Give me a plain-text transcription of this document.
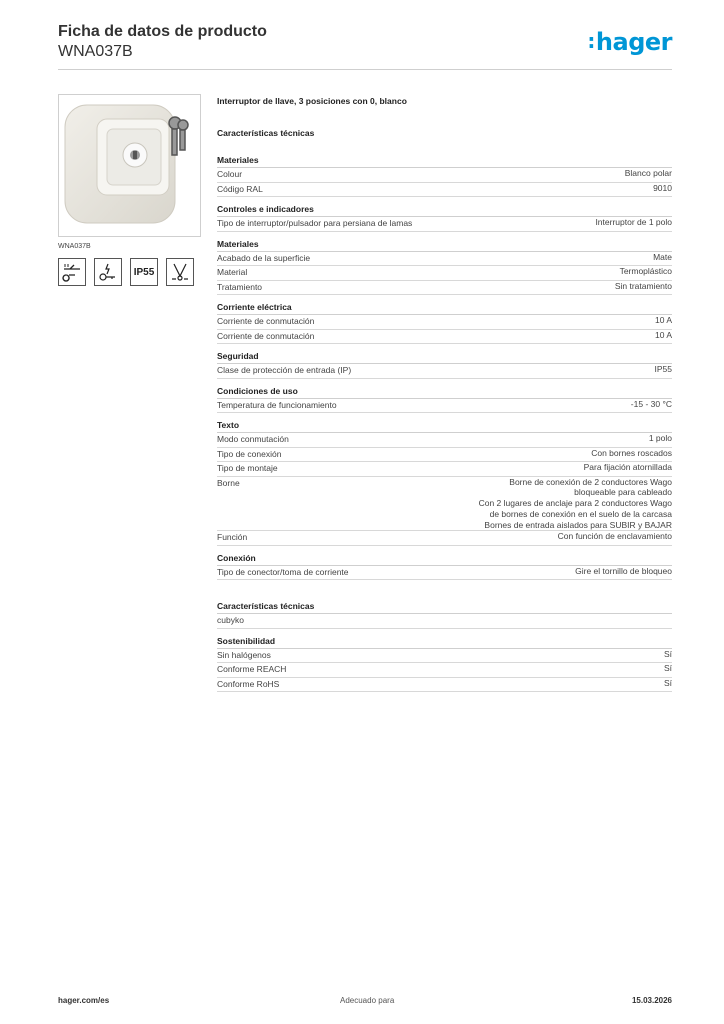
Ficha de datos de producto
WNA037B	:hager
WNA037B
IP55
Interruptor de llave, 3 posiciones con 0, blanco
Características técnicas
Materiales
Colour	Blanco polar
Código RAL	9010
Controles e indicadores
Tipo de interruptor/pulsador para persiana de lamas	Interruptor de 1 polo
Materiales
Acabado de la superficie	Mate
Material	Termoplástico
Tratamiento	Sin tratamiento
Corriente eléctrica
Corriente de conmutación	10 A
Corriente de conmutación	10 A
Seguridad
Clase de protección de entrada (IP)	IP55
Condiciones de uso
Temperatura de funcionamiento	-15 - 30 °C
Texto
Modo conmutación	1 polo
Tipo de conexión	Con bornes roscados
Tipo de montaje	Para fijación atornillada
Borne	Borne de conexión de 2 conductores Wago
bloqueable para cableado
Con 2 lugares de anclaje para 2 conductores Wago
de bornes de conexión en el suelo de la carcasa
Bornes de entrada aislados para SUBIR y BAJAR
Función	Con función de enclavamiento
Conexión
Tipo de conector/toma de corriente	Gire el tornillo de bloqueo
Características técnicas
cubyko
Sostenibilidad
Sin halógenos	Sí
Conforme REACH	Sí
Conforme RoHS	Sí
hager.com/es	Adecuado para	15.03.2026
